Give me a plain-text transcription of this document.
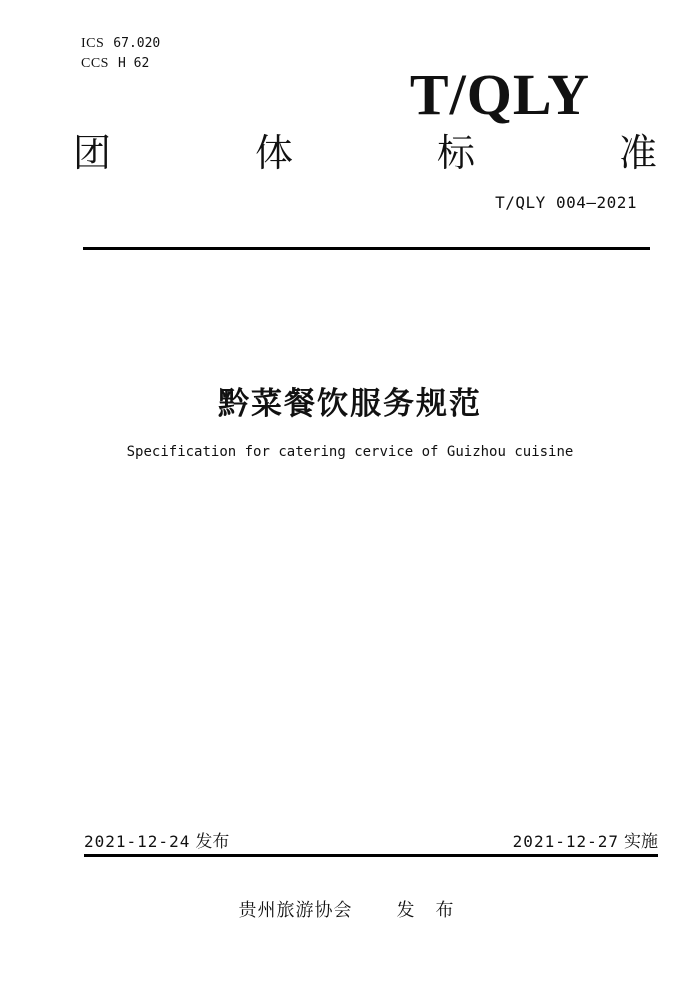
ICS 67.020
CCS H 62	T/QLY
团	体	标	准
T/QLY 004—2021
黔菜餐饮服务规范
Specification for catering cervice of Guizhou cuisine
2021-12-24 发布	2021-12-27 实施
贵州旅游协会 发 布
